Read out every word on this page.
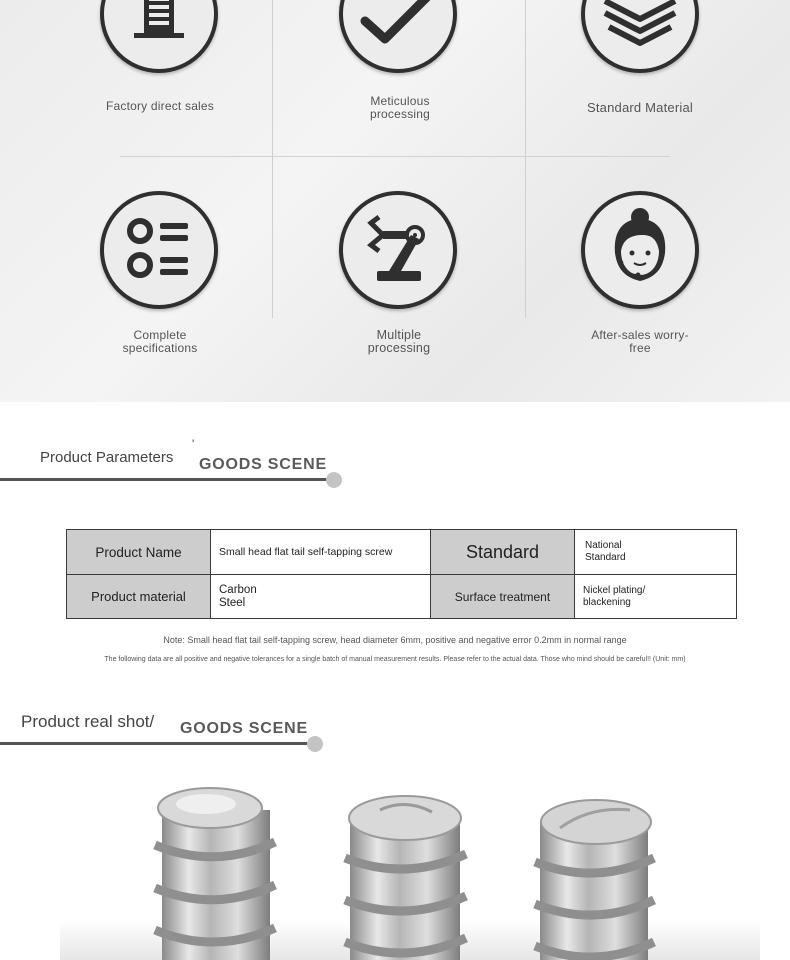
Factory direct sales	Meticulous processing	Standard Material
Complete specifications
Multiple processing
After-sales worry-free
Product Parameters
'
GOODS SCENE
Product Name	Small head flat tail self-tapping screw	Standard	National Standard

Product material	Carbon Steel	Surface treatment	Nickel plating/ blackening
Note: Small head flat tail self-tapping screw, head diameter 6mm, positive and negative error 0.2mm in normal range
The following data are all positive and negative tolerances for a single batch of manual measurement results. Please refer to the actual data. Those who mind should be careful!! (Unit: mm)
Product real shot/ GOODS SCENE
